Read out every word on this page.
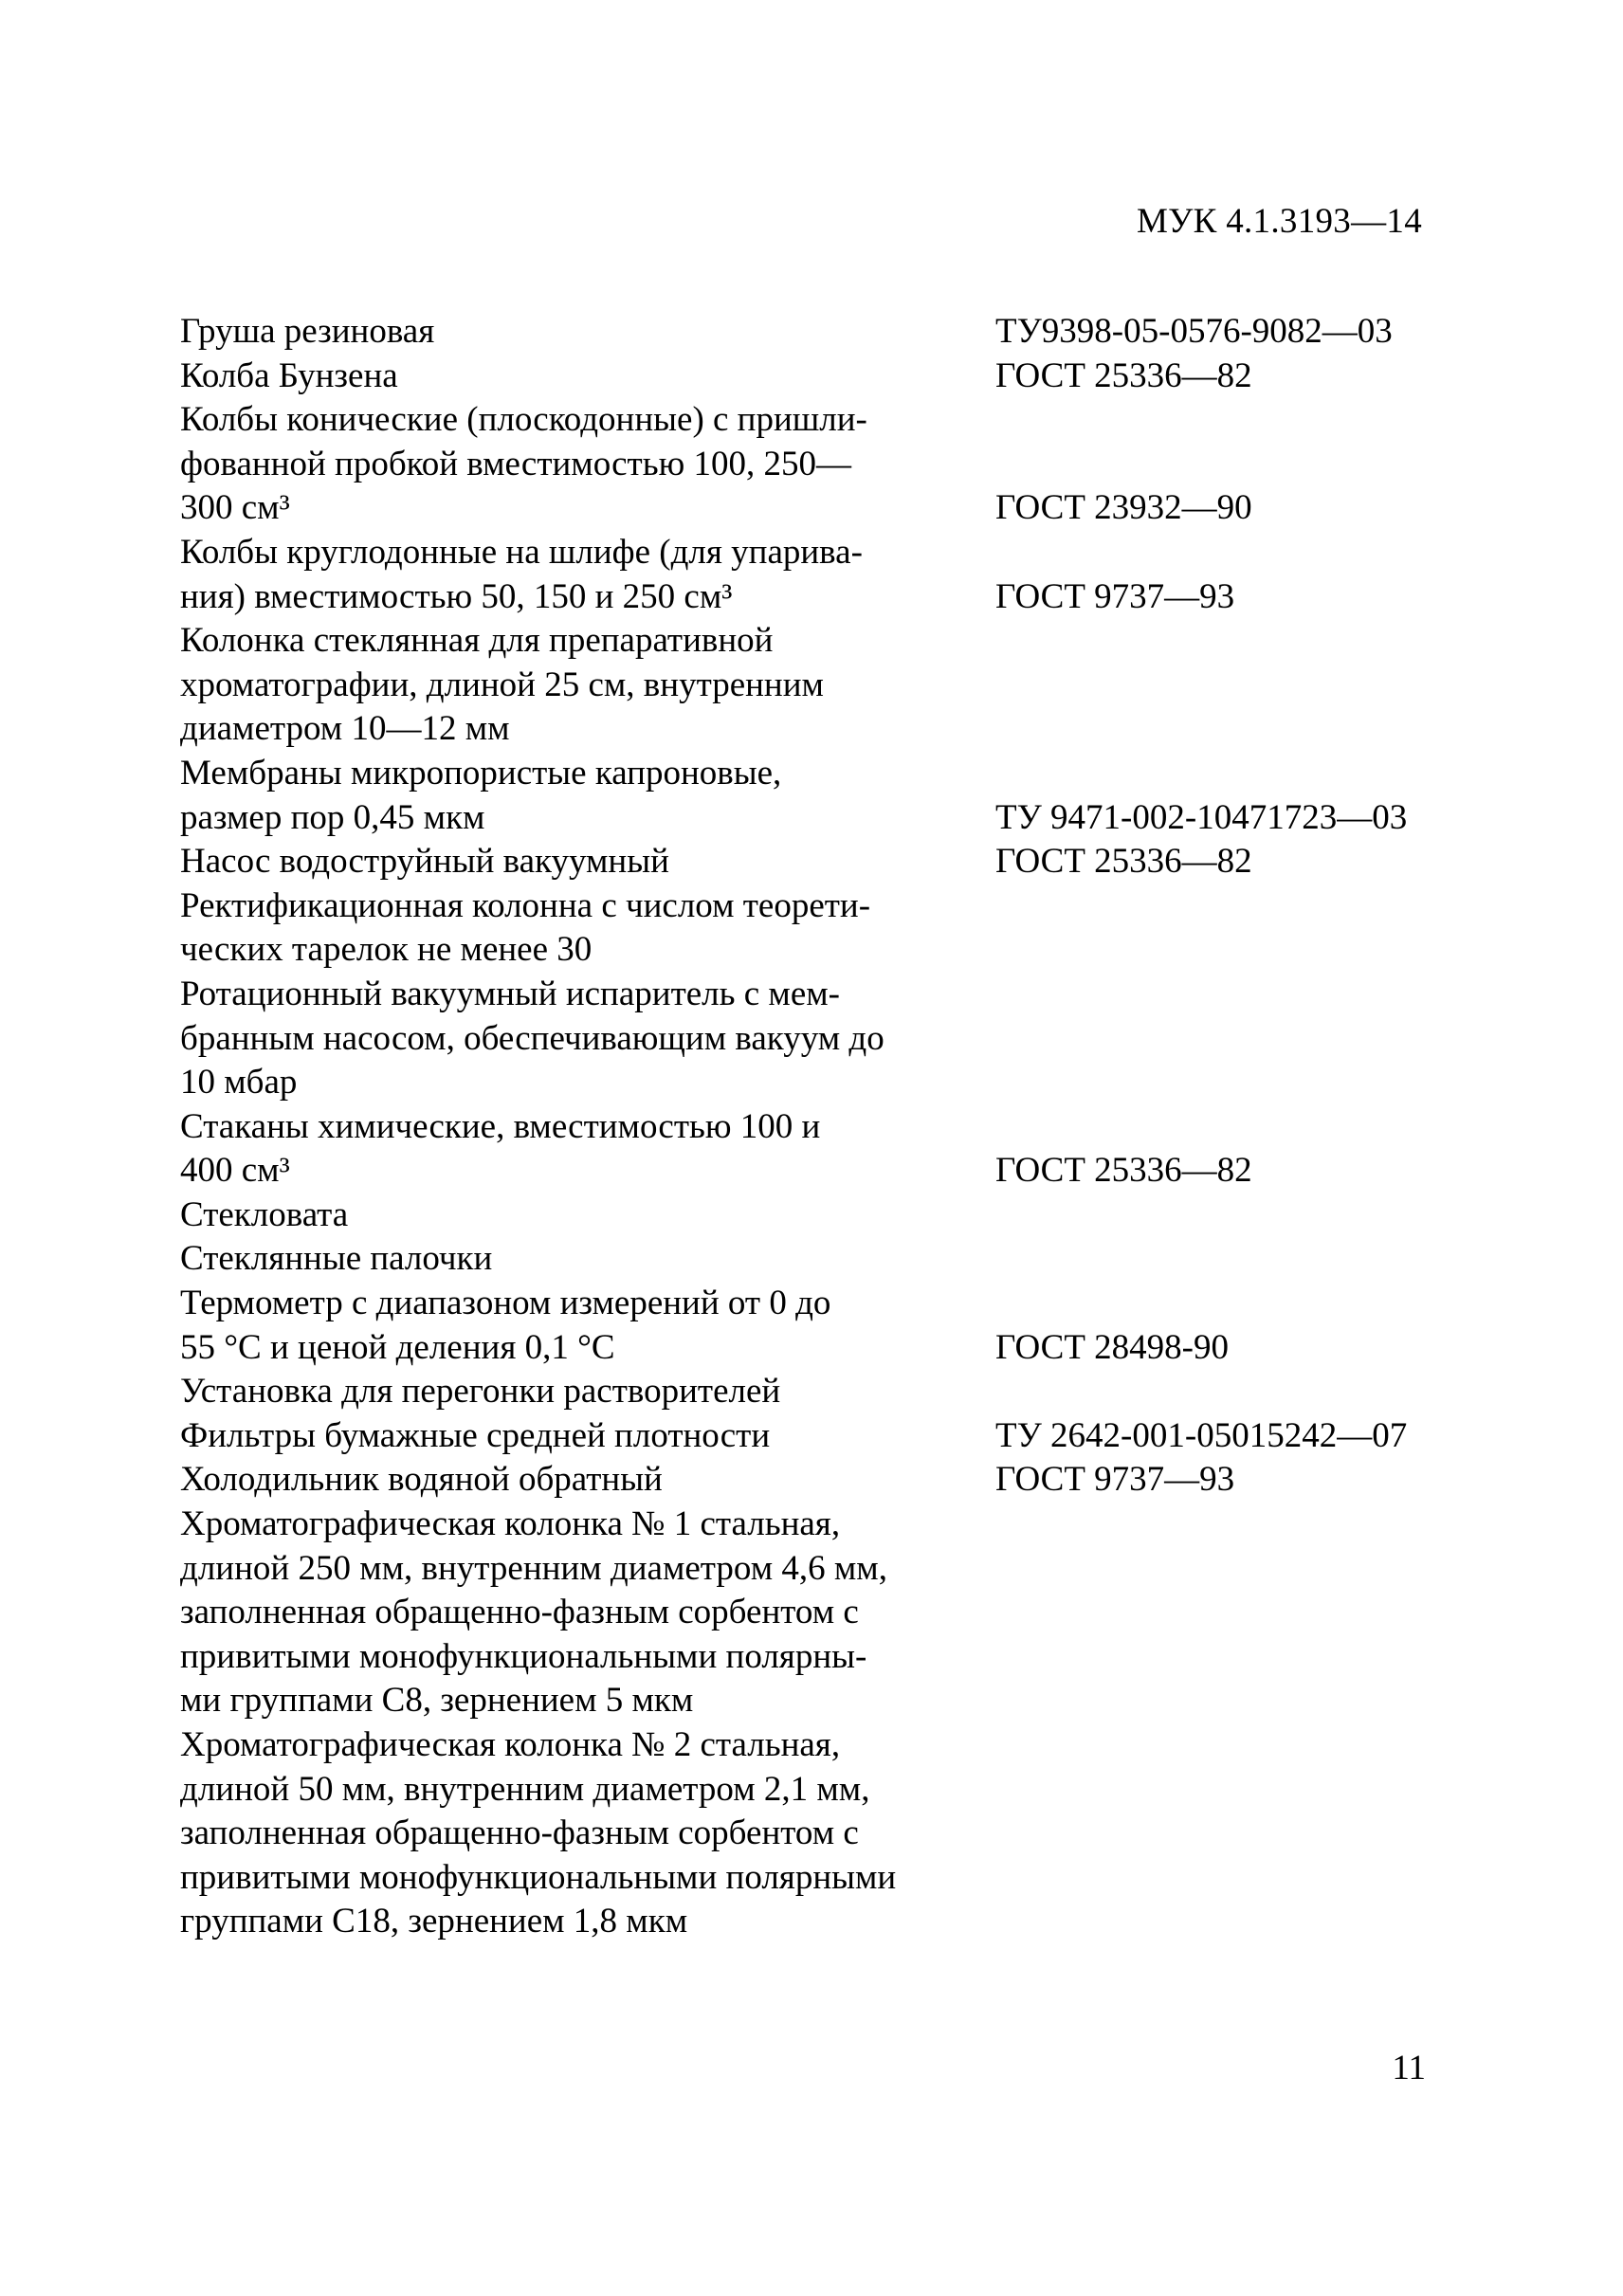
МУК 4.1.3193—14
Груша резиновая	ТУ9398-05-0576-9082—03
Колба Бунзена	ГОСТ 25336—82
Колбы конические (плоскодонные) с пришли-
фованной пробкой вместимостью 100, 250—
300 см³	ГОСТ 23932—90
Колбы круглодонные на шлифе (для упарива-
ния) вместимостью 50, 150 и 250 см³	ГОСТ 9737—93
Колонка стеклянная для препаративной
хроматографии, длиной 25 см, внутренним
диаметром 10—12 мм
Мембраны микропористые капроновые,
размер пор 0,45 мкм	ТУ 9471-002-10471723—03
Насос водоструйный вакуумный	ГОСТ 25336—82
Ректификационная колонна с числом теорети-
ческих тарелок не менее 30
Ротационный вакуумный испаритель с мем-
бранным насосом, обеспечивающим вакуум до
10 мбар
Стаканы химические, вместимостью 100 и
400 см³	ГОСТ 25336—82
Стекловата
Стеклянные палочки
Термометр с диапазоном измерений от 0 до
55 °С и ценой деления 0,1 °С	ГОСТ 28498-90
Установка для перегонки растворителей
Фильтры бумажные средней плотности	ТУ 2642-001-05015242—07
Холодильник водяной обратный	ГОСТ 9737—93
Хроматографическая колонка № 1 стальная,
длиной 250 мм, внутренним диаметром 4,6 мм,
заполненная обращенно-фазным сорбентом с
привитыми монофункциональными полярны-
ми группами С8, зернением 5 мкм
Хроматографическая колонка № 2 стальная,
длиной 50 мм, внутренним диаметром 2,1 мм,
заполненная обращенно-фазным сорбентом с
привитыми монофункциональными полярными
группами С18, зернением 1,8 мкм
11
